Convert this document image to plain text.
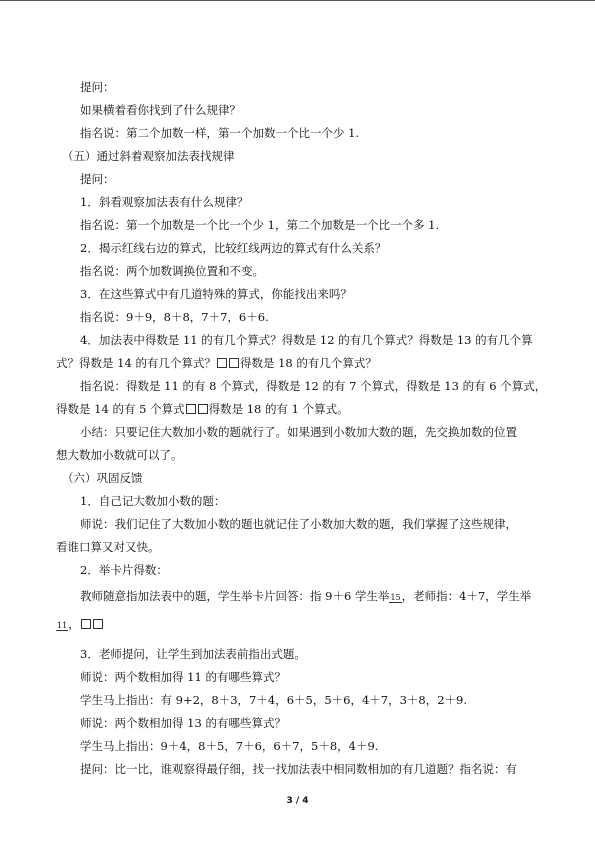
提问：
如果横着看你找到了什么规律？
指名说：第二个加数一样，第一个加数一个比一个少 1.
（五）通过斜着观察加法表找规律
提问：
1．斜看观察加法表有什么规律？
指名说：第一个加数是一个比一个少 1，第二个加数是一个比一个多 1.
2．揭示红线右边的算式，比较红线两边的算式有什么关系？
指名说：两个加数调换位置和不变。
3．在这些算式中有几道特殊的算式，你能找出来吗？
指名说：9＋9，8＋8，7＋7，6＋6.
4．加法表中得数是 11 的有几个算式？得数是 12 的有几个算式？得数是 13 的有几个算
式？得数是 14 的有几个算式？ 得数是 18 的有几个算式？
指名说：得数是 11 的有 8 个算式，得数是 12 的有 7 个算式，得数是 13 的有 6 个算式，
得数是 14 的有 5 个算式 得数是 18 的有 1 个算式。
小结：只要记住大数加小数的题就行了。如果遇到小数加大数的题，先交换加数的位置
想大数加小数就可以了。
（六）巩固反馈
1．自己记大数加小数的题：
师说：我们记住了大数加小数的题也就记住了小数加大数的题，我们掌握了这些规律，
看谁口算又对又快。
2．举卡片得数：
教师随意指加法表中的题，学生举卡片回答：指 9＋6 学生举15，老师指：4＋7，学生举
11，
3．老师提问，让学生到加法表前指出式题。
师说：两个数相加得 11 的有哪些算式？
学生马上指出：有 9+2，8＋3，7＋4，6＋5，5＋6，4＋7，3＋8，2＋9.
师说：两个数相加得 13 的有哪些算式？
学生马上指出：9＋4，8＋5，7＋6，6＋7，5＋8，4＋9.
提问：比一比，谁观察得最仔细，找一找加法表中相同数相加的有几道题？指名说：有
3 / 4
